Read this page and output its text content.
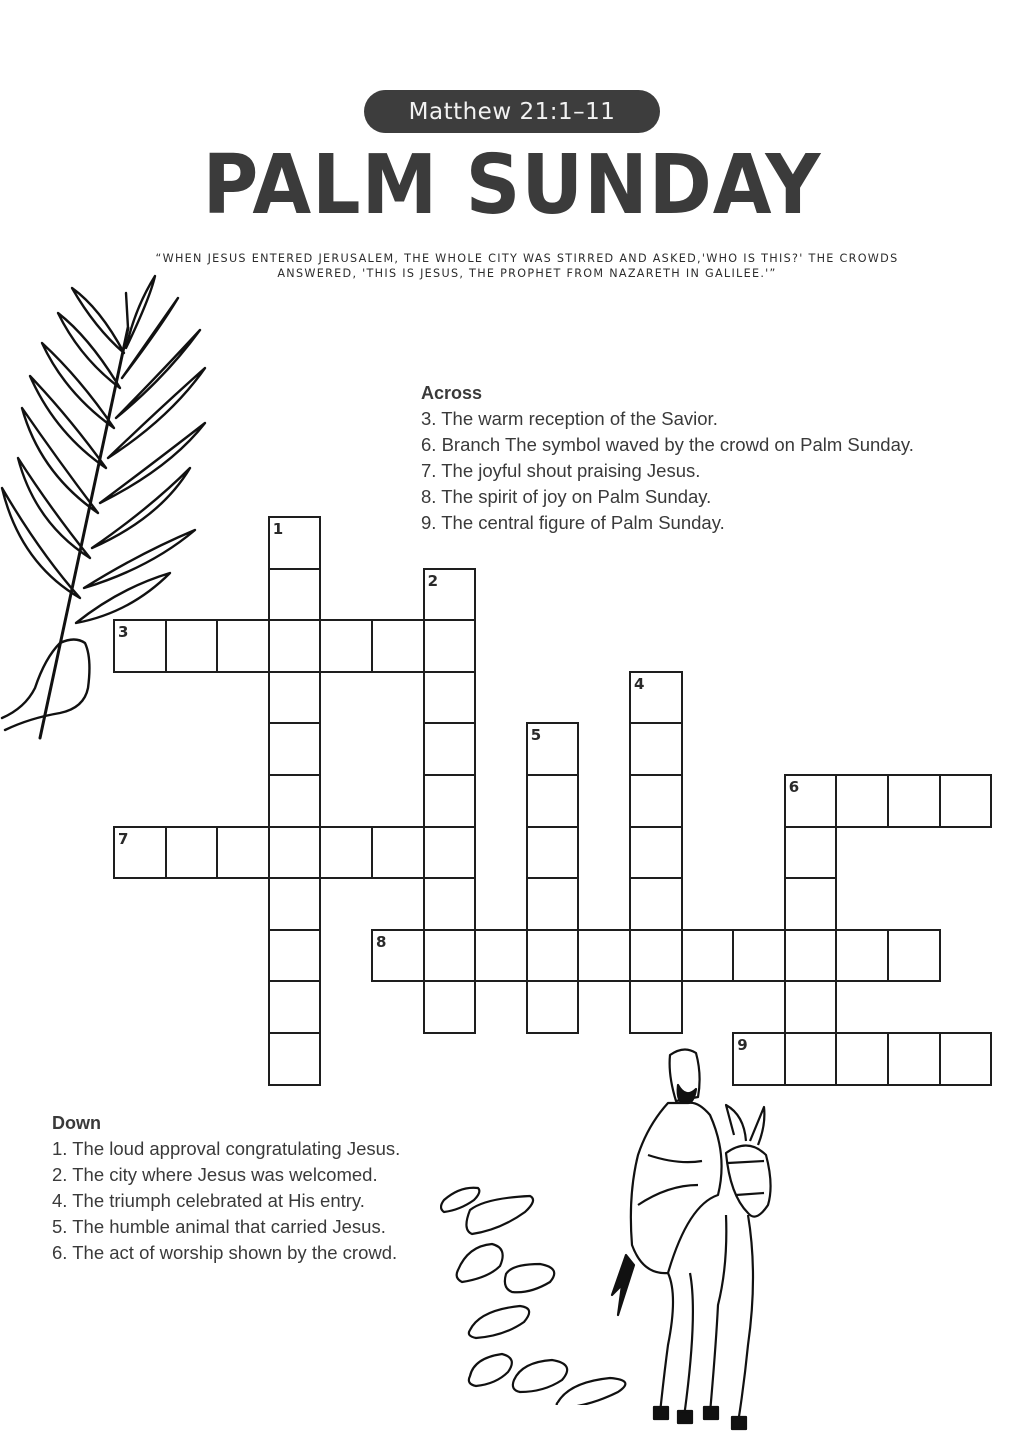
Matthew 21:1–11
PALM SUNDAY
“WHEN JESUS ENTERED JERUSALEM, THE WHOLE CITY WAS STIRRED AND ASKED,'WHO IS THIS?' THE CROWDS
ANSWERED, 'THIS IS JESUS, THE PROPHET FROM NAZARETH IN GALILEE.'”
Across
3. The warm reception of the Savior.
6. Branch The symbol waved by the crowd on Palm Sunday.
7. The joyful shout praising Jesus.
8. The spirit of joy on Palm Sunday.
9. The central figure of Palm Sunday.
1
2
3
4
5
6
7
8
9
Down
1. The loud approval congratulating Jesus.
2. The city where Jesus was welcomed.
4. The triumph celebrated at His entry.
5. The humble animal that carried Jesus.
6. The act of worship shown by the crowd.
